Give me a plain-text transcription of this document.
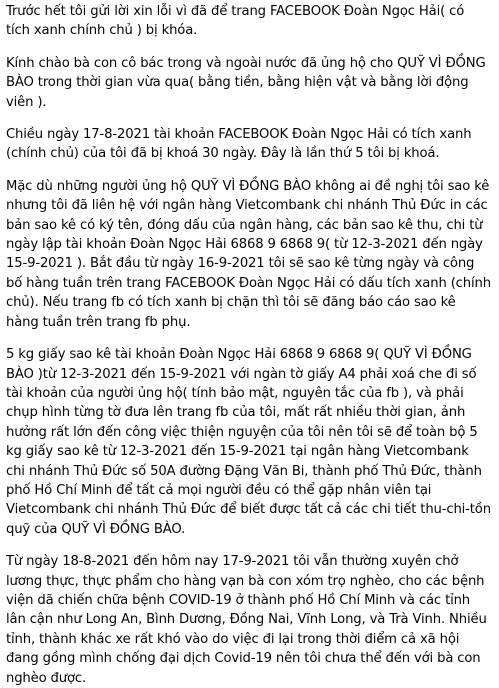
Trước hết tôi gửi lời xin lỗi vì đã để trang FACEBOOK Đoàn Ngọc Hải( có tích xanh chính chủ ) bị khóa.

Kính chào bà con cô bác trong và ngoài nước đã ủng hộ cho QUỸ VÌ ĐỒNG BÀO trong thời gian vừa qua( bằng tiền, bằng hiện vật và bằng lời động viên ).

Chiều ngày 17-8-2021 tài khoản FACEBOOK Đoàn Ngọc Hải có tích xanh (chính chủ) của tôi đã bị khoá 30 ngày. Đây là lần thứ 5 tôi bị khoá.

Mặc dù những người ủng hộ QUỸ VÌ ĐỒNG BÀO không ai đề nghị tôi sao kê nhưng tôi đã liên hệ với ngân hàng Vietcombank chi nhánh Thủ Đức in các bản sao kê có ký tên, đóng dấu của ngân hàng, các bản sao kê thu, chi từ ngày lập tài khoản Đoàn Ngọc Hải 6868 9 6868 9( từ 12-3-2021 đến ngày 15-9-2021 ). Bắt đầu từ ngày 16-9-2021 tôi sẽ sao kê từng ngày và công bố hàng tuần trên trang FACEBOOK Đoàn Ngọc Hải có dấu tích xanh (chính chủ). Nếu trang fb có tích xanh bị chặn thì tôi sẽ đăng báo cáo sao kê hàng tuần trên trang fb phụ.

5 kg giấy sao kê tài khoản Đoàn Ngọc Hải 6868 9 6868 9( QUỸ VÌ ĐỒNG BÀO )từ 12-3-2021 đến 15-9-2021 với ngàn tờ giấy A4 phải xoá che đi số tài khoản của người ủng hộ( tính bảo mật, nguyên tắc của fb ), và phải chụp hình từng tờ đưa lên trang fb của tôi, mất rất nhiều thời gian, ảnh hưởng rất lớn đến công việc thiện nguyện của tôi nên tôi sẽ để toàn bộ 5 kg giấy sao kê từ 12-3-2021 đến 15-9-2021 tại ngân hàng Vietcombank chi nhánh Thủ Đức số 50A đường Đặng Văn Bi, thành phố Thủ Đức, thành phố Hồ Chí Minh để tất cả mọi người đều có thể gặp nhân viên tại Vietcombank chi nhánh Thủ Đức để biết được tất cả các chi tiết thu-chi-tồn quỹ của QUỸ VÌ ĐỒNG BÀO.

Từ ngày 18-8-2021 đến hôm nay 17-9-2021 tôi vẫn thường xuyên chở lương thực, thực phẩm cho hàng vạn bà con xóm trọ nghèo, cho các bệnh viện dã chiến chữa bệnh COVID-19 ở thành phố Hồ Chí Minh và các tỉnh lân cận như Long An, Bình Dương, Đồng Nai, Vĩnh Long, và Trà Vinh. Nhiều tỉnh, thành khác xe rất khó vào do việc đi lại trong thời điểm cả xã hội đang gồng mình chống đại dịch Covid-19 nên tôi chưa thể đến với bà con nghèo được.
